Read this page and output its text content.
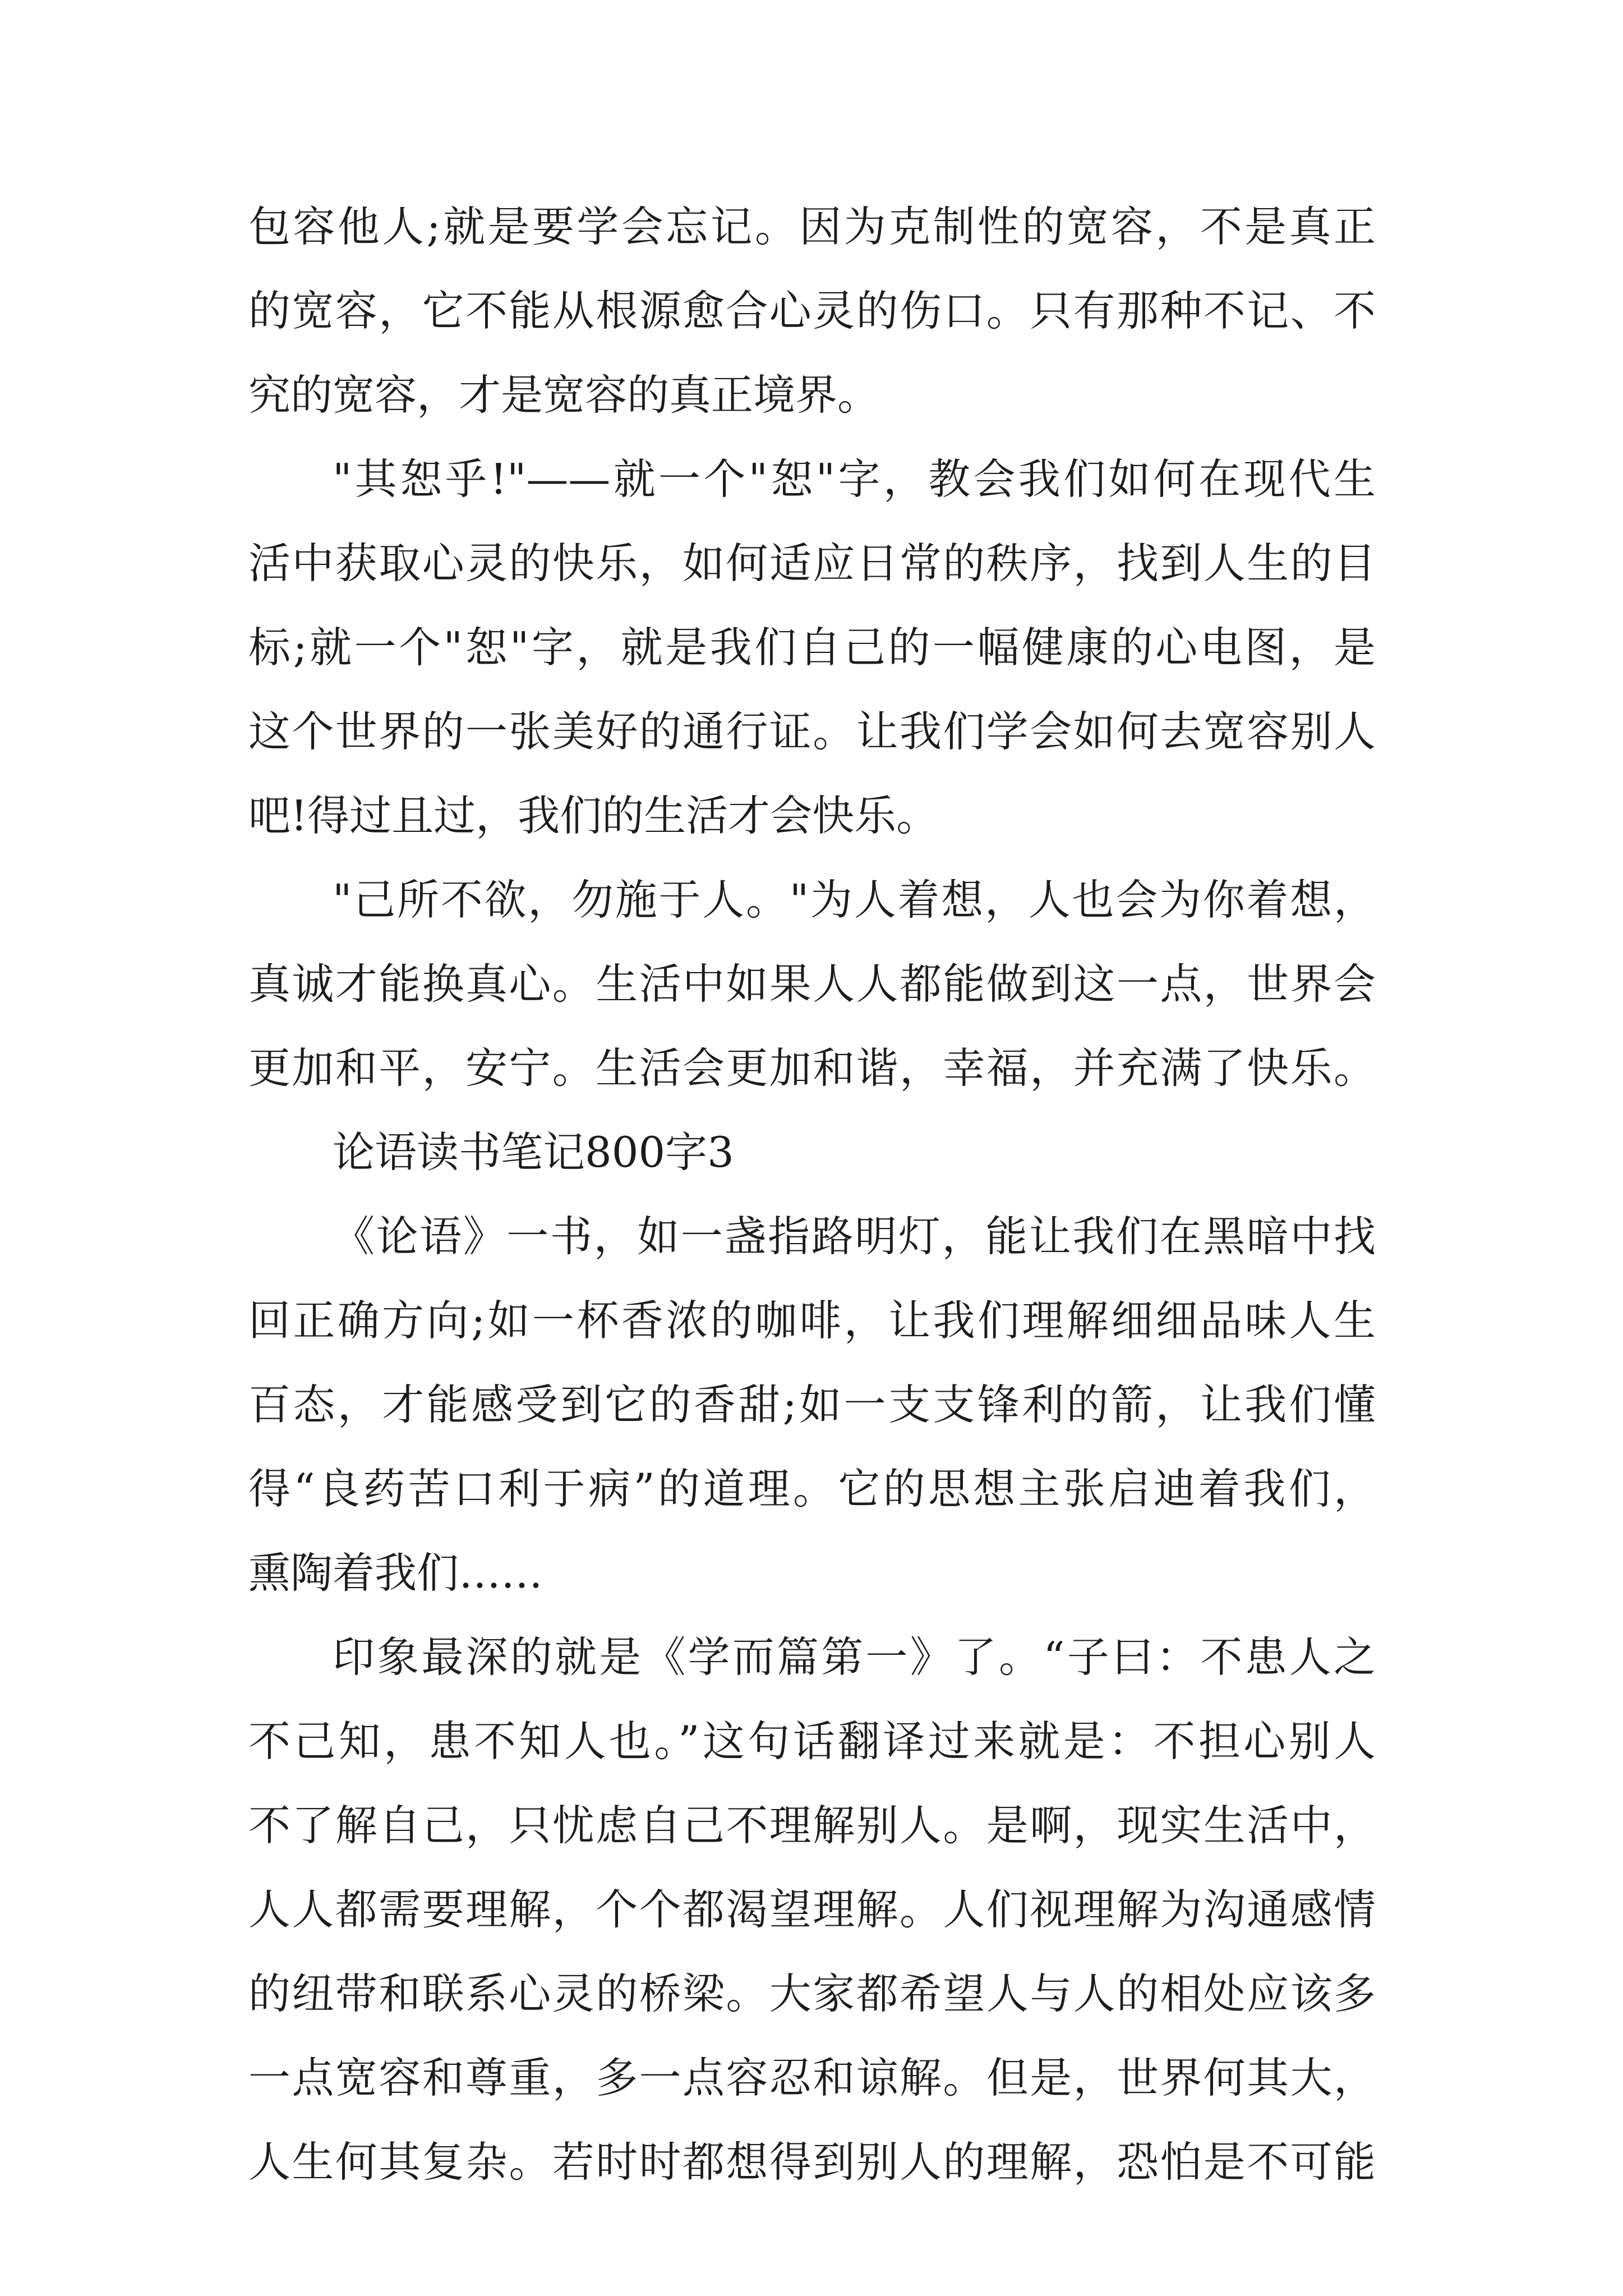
包容他人;就是要学会忘记。因为克制性的宽容，不是真正
的宽容，它不能从根源愈合心灵的伤口。只有那种不记、不
究的宽容，才是宽容的真正境界。
"其恕乎!"——就一个"恕"字，教会我们如何在现代生
活中获取心灵的快乐，如何适应日常的秩序，找到人生的目
标;就一个"恕"字，就是我们自己的一幅健康的心电图，是
这个世界的一张美好的通行证。让我们学会如何去宽容别人
吧!得过且过，我们的生活才会快乐。
"己所不欲，勿施于人。"为人着想，人也会为你着想，
真诚才能换真心。生活中如果人人都能做到这一点，世界会
更加和平，安宁。生活会更加和谐，幸福，并充满了快乐。
论语读书笔记800字3
《论语》一书，如一盏指路明灯，能让我们在黑暗中找
回正确方向;如一杯香浓的咖啡，让我们理解细细品味人生
百态，才能感受到它的香甜;如一支支锋利的箭，让我们懂
得“良药苦口利于病”的道理。它的思想主张启迪着我们，
熏陶着我们……
印象最深的就是《学而篇第一》了。“子曰：不患人之
不己知，患不知人也。”这句话翻译过来就是：不担心别人
不了解自己，只忧虑自己不理解别人。是啊，现实生活中，
人人都需要理解，个个都渴望理解。人们视理解为沟通感情
的纽带和联系心灵的桥梁。大家都希望人与人的相处应该多
一点宽容和尊重，多一点容忍和谅解。但是，世界何其大，
人生何其复杂。若时时都想得到别人的理解，恐怕是不可能
